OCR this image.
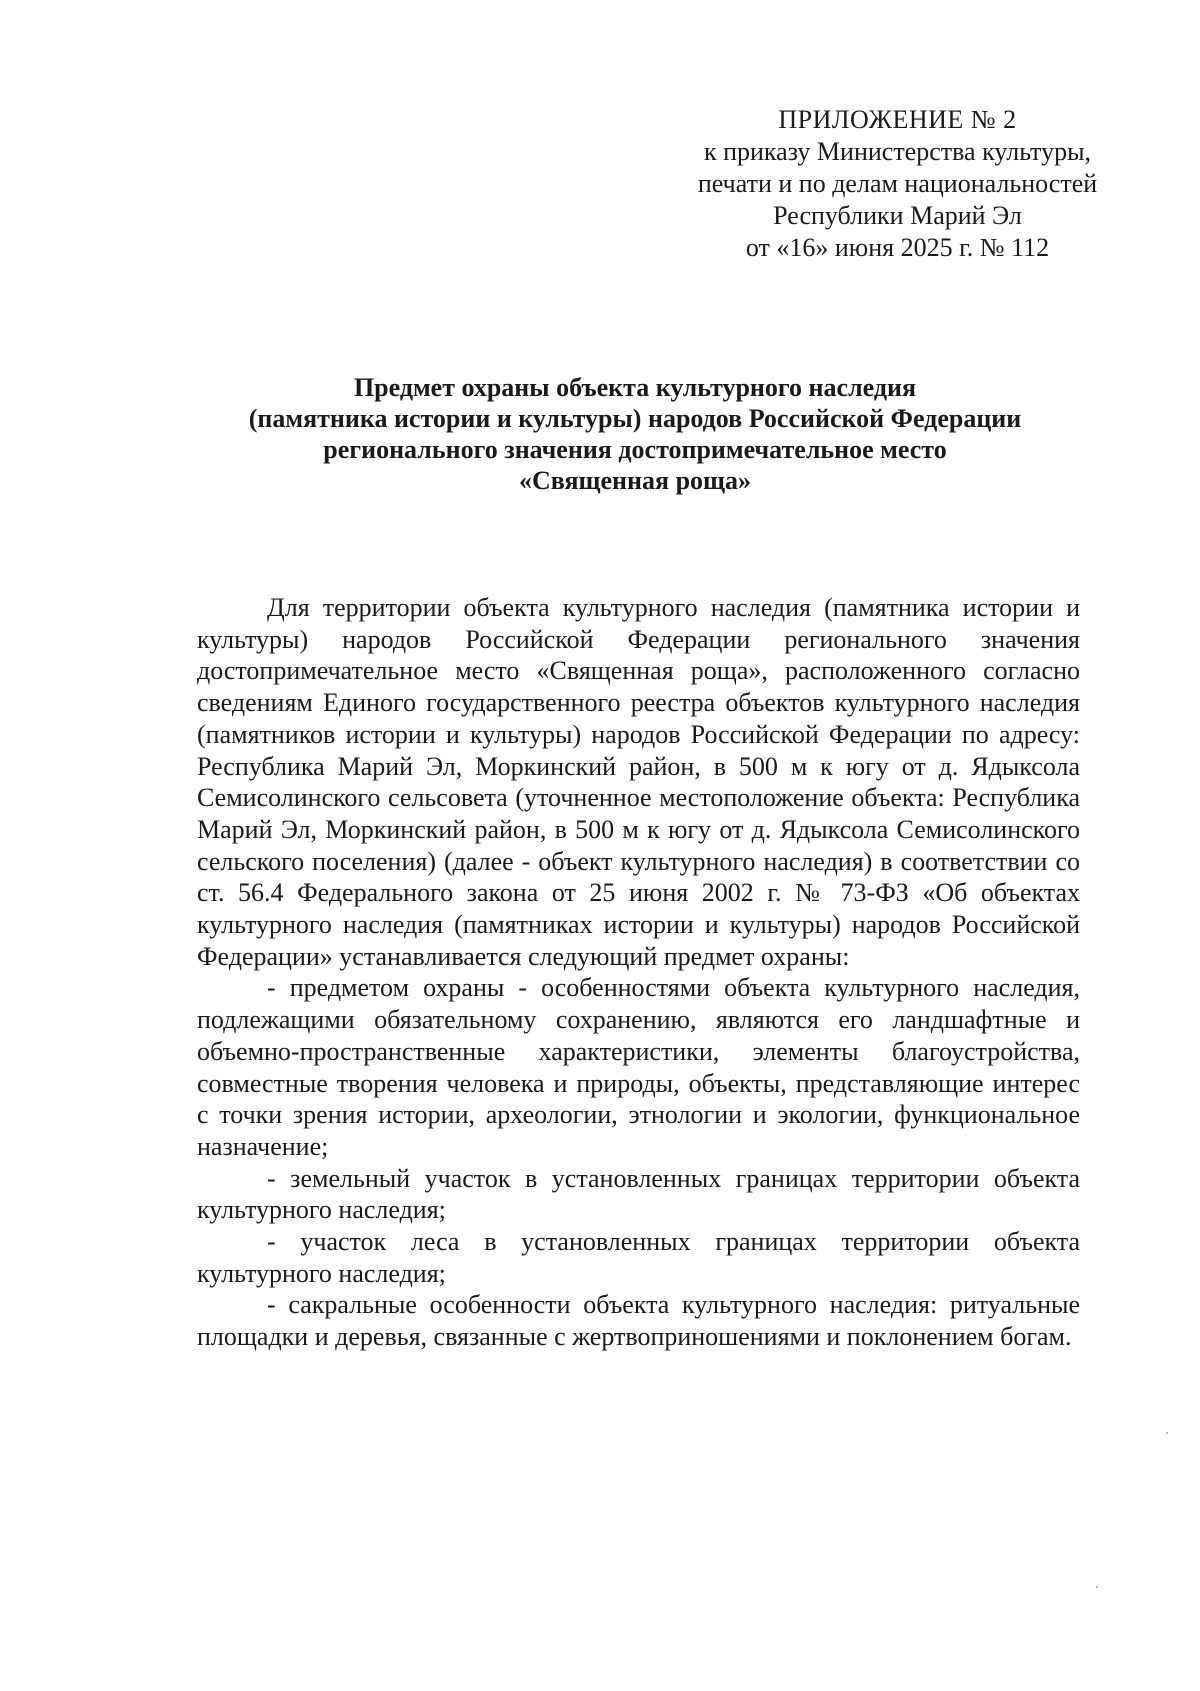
ПРИЛОЖЕНИЕ № 2
к приказу Министерства культуры,
печати и по делам национальностей
Республики Марий Эл
от «16» июня 2025 г. № 112
Предмет охраны объекта культурного наследия
(памятника истории и культуры) народов Российской Федерации
регионального значения достопримечательное место
«Священная роща»

Для территории объекта культурного наследия (памятника истории и культуры) народов Российской Федерации регионального значения достопримечательное место «Священная роща», расположенного согласно сведениям Единого государственного реестра объектов культурного наследия (памятников истории и культуры) народов Российской Федерации по адресу: Республика Марий Эл, Моркинский район, в 500 м к югу от д. Ядыксола Семисолинского сельсовета (уточненное местоположение объекта: Республика Марий Эл, Моркинский район, в 500 м к югу от д. Ядыксола Семисолинского сельского поселения) (далее - объект культурного наследия) в соответствии со ст. 56.4 Федерального закона от 25 июня 2002 г. № 73-ФЗ «Об объектах культурного наследия (памятниках истории и культуры) народов Российской Федерации» устанавливается следующий предмет охраны:

- предметом охраны - особенностями объекта культурного наследия, подлежащими обязательному сохранению, являются его ландшафтные и объемно-пространственные характеристики, элементы благоустройства, совместные творения человека и природы, объекты, представляющие интерес с точки зрения истории, археологии, этнологии и экологии, функциональное назначение;

- земельный участок в установленных границах территории объекта культурного наследия;

- участок леса в установленных границах территории объекта культурного наследия;

- сакральные особенности объекта культурного наследия: ритуальные площадки и деревья, связанные с жертвоприношениями и поклонением богам.
